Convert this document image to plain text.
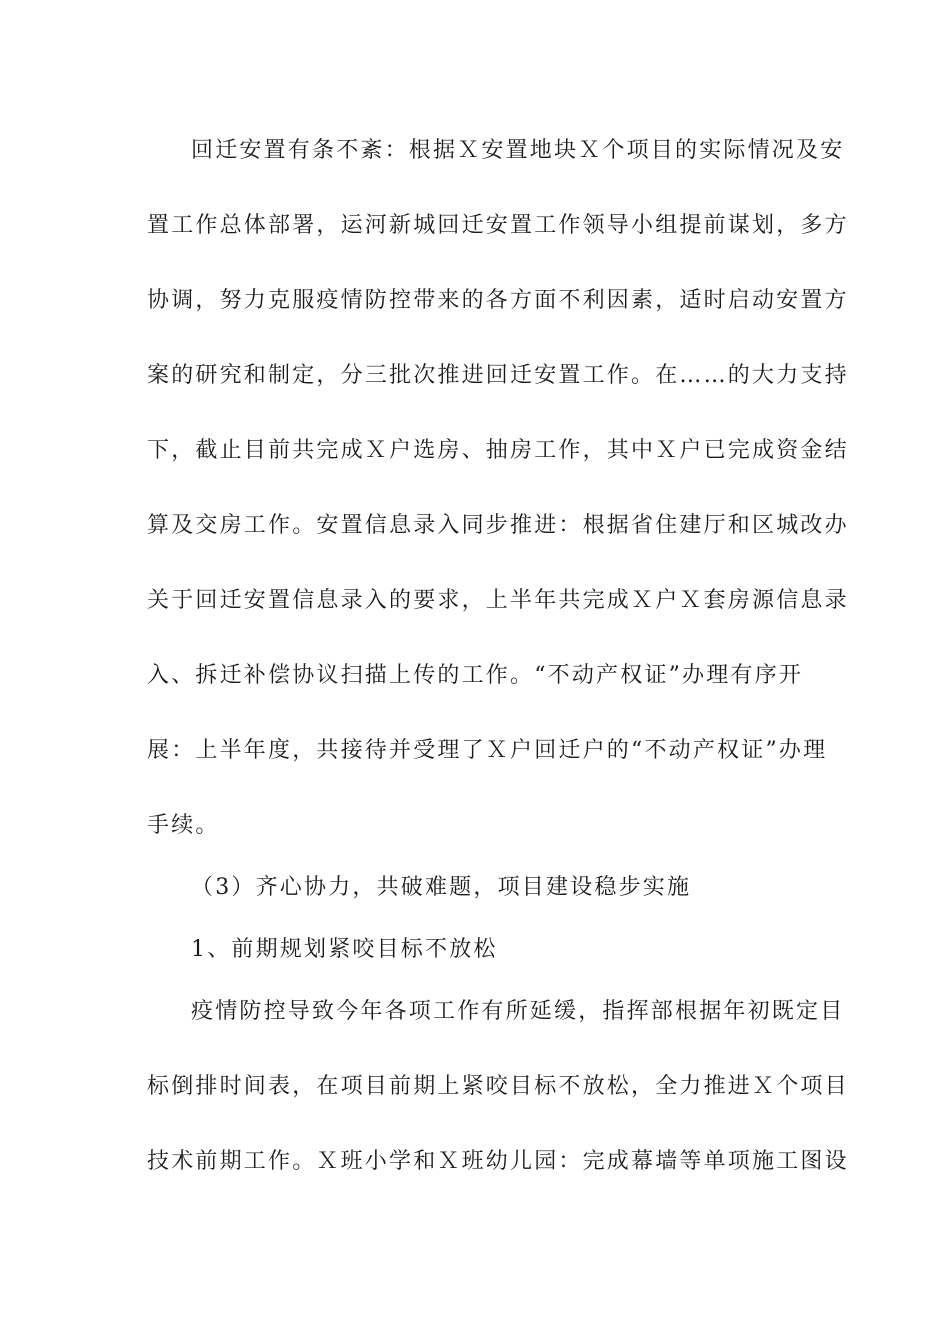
回迁安置有条不紊：根据Ｘ安置地块Ｘ个项目的实际情况及安
置工作总体部署，运河新城回迁安置工作领导小组提前谋划，多方
协调，努力克服疫情防控带来的各方面不利因素，适时启动安置方
案的研究和制定，分三批次推进回迁安置工作。在……的大力支持
下，截止目前共完成Ｘ户选房、抽房工作，其中Ｘ户已完成资金结
算及交房工作。安置信息录入同步推进：根据省住建厅和区城改办
关于回迁安置信息录入的要求，上半年共完成Ｘ户Ｘ套房源信息录
入、拆迁补偿协议扫描上传的工作。“不动产权证”办理有序开
展：上半年度，共接待并受理了Ｘ户回迁户的“不动产权证”办理
手续。
（3）齐心协力，共破难题，项目建设稳步实施
1、前期规划紧咬目标不放松
疫情防控导致今年各项工作有所延缓，指挥部根据年初既定目
标倒排时间表，在项目前期上紧咬目标不放松，全力推进Ｘ个项目
技术前期工作。Ｘ班小学和Ｘ班幼儿园：完成幕墙等单项施工图设
